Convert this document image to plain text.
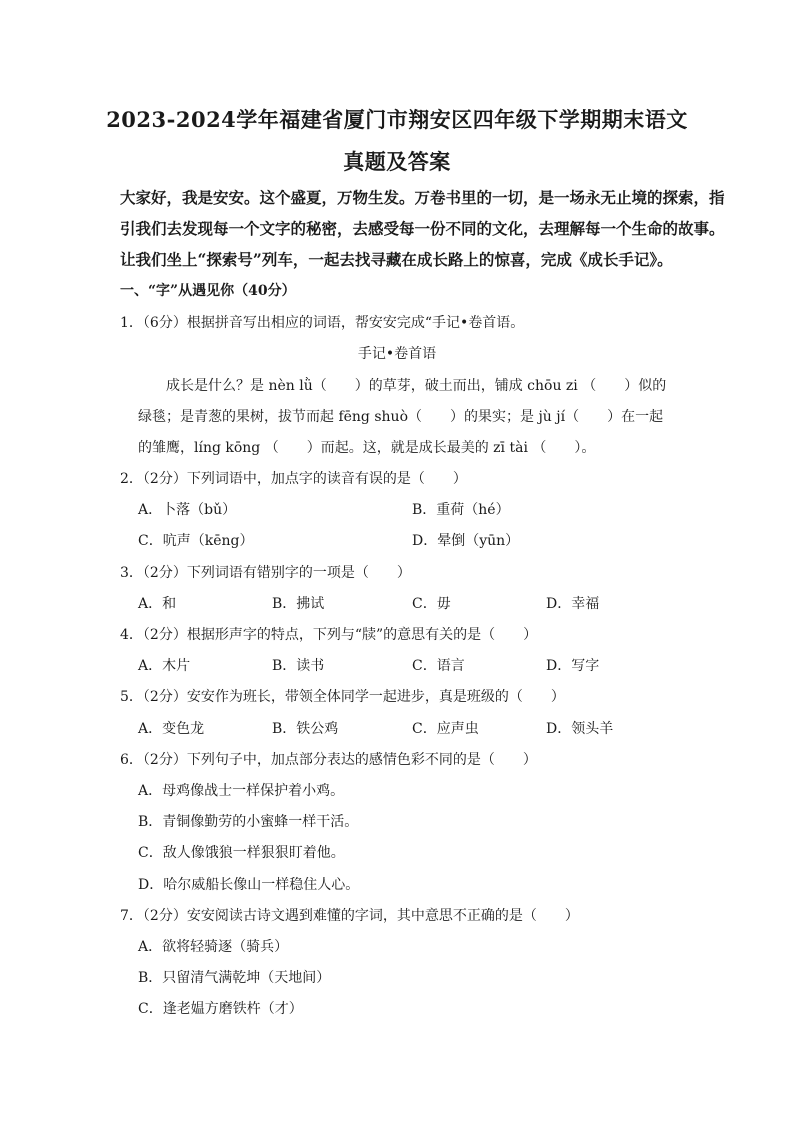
2023-2024学年福建省厦门市翔安区四年级下学期期末语文
真题及答案
大家好，我是安安。这个盛夏，万物生发。万卷书里的一切，是一场永无止境的探索，指
引我们去发现每一个文字的秘密，去感受每一份不同的文化，去理解每一个生命的故事。
让我们坐上“探索号”列车，一起去找寻藏在成长路上的惊喜，完成《成长手记》。
一、“字”从遇见你（40分）
1．（6分）根据拼音写出相应的词语，帮安安完成“手记•卷首语。
手记•卷首语
成长是什么？是 nèn lǜ（　　）的草芽，破土而出，铺成 chōu zi （　　）似的
绿毯；是青葱的果树，拔节而起 fēng shuò（　　）的果实；是 jù jí（　　）在一起
的雏鹰，líng kōng （　　）而起。这，就是成长最美的 zī tài （　　）。
2．（2分）下列词语中，加点字的读音有误的是（　　）
A．卜落（bǔ）	B．重荷（hé）
C．吭声（kēng）	D．晕倒（yūn）
3．（2分）下列词语有错别字的一项是（　　）
A．和	B．拂试	C．毋	D．幸福
4．（2分）根据形声字的特点，下列与“牍”的意思有关的是（　　）
A．木片	B．读书	C．语言	D．写字
5．（2分）安安作为班长，带领全体同学一起进步，真是班级的（　　）
A．变色龙	B．铁公鸡	C．应声虫	D．领头羊
6．（2分）下列句子中，加点部分表达的感情色彩不同的是（　　）
A．母鸡像战士一样保护着小鸡。
B．青铜像勤劳的小蜜蜂一样干活。
C．敌人像饿狼一样狠狠盯着他。
D．哈尔威船长像山一样稳住人心。
7．（2分）安安阅读古诗文遇到难懂的字词，其中意思不正确的是（　　）
A．欲将轻骑逐（骑兵）
B．只留清气满乾坤（天地间）
C．逢老媪方磨铁杵（才）
